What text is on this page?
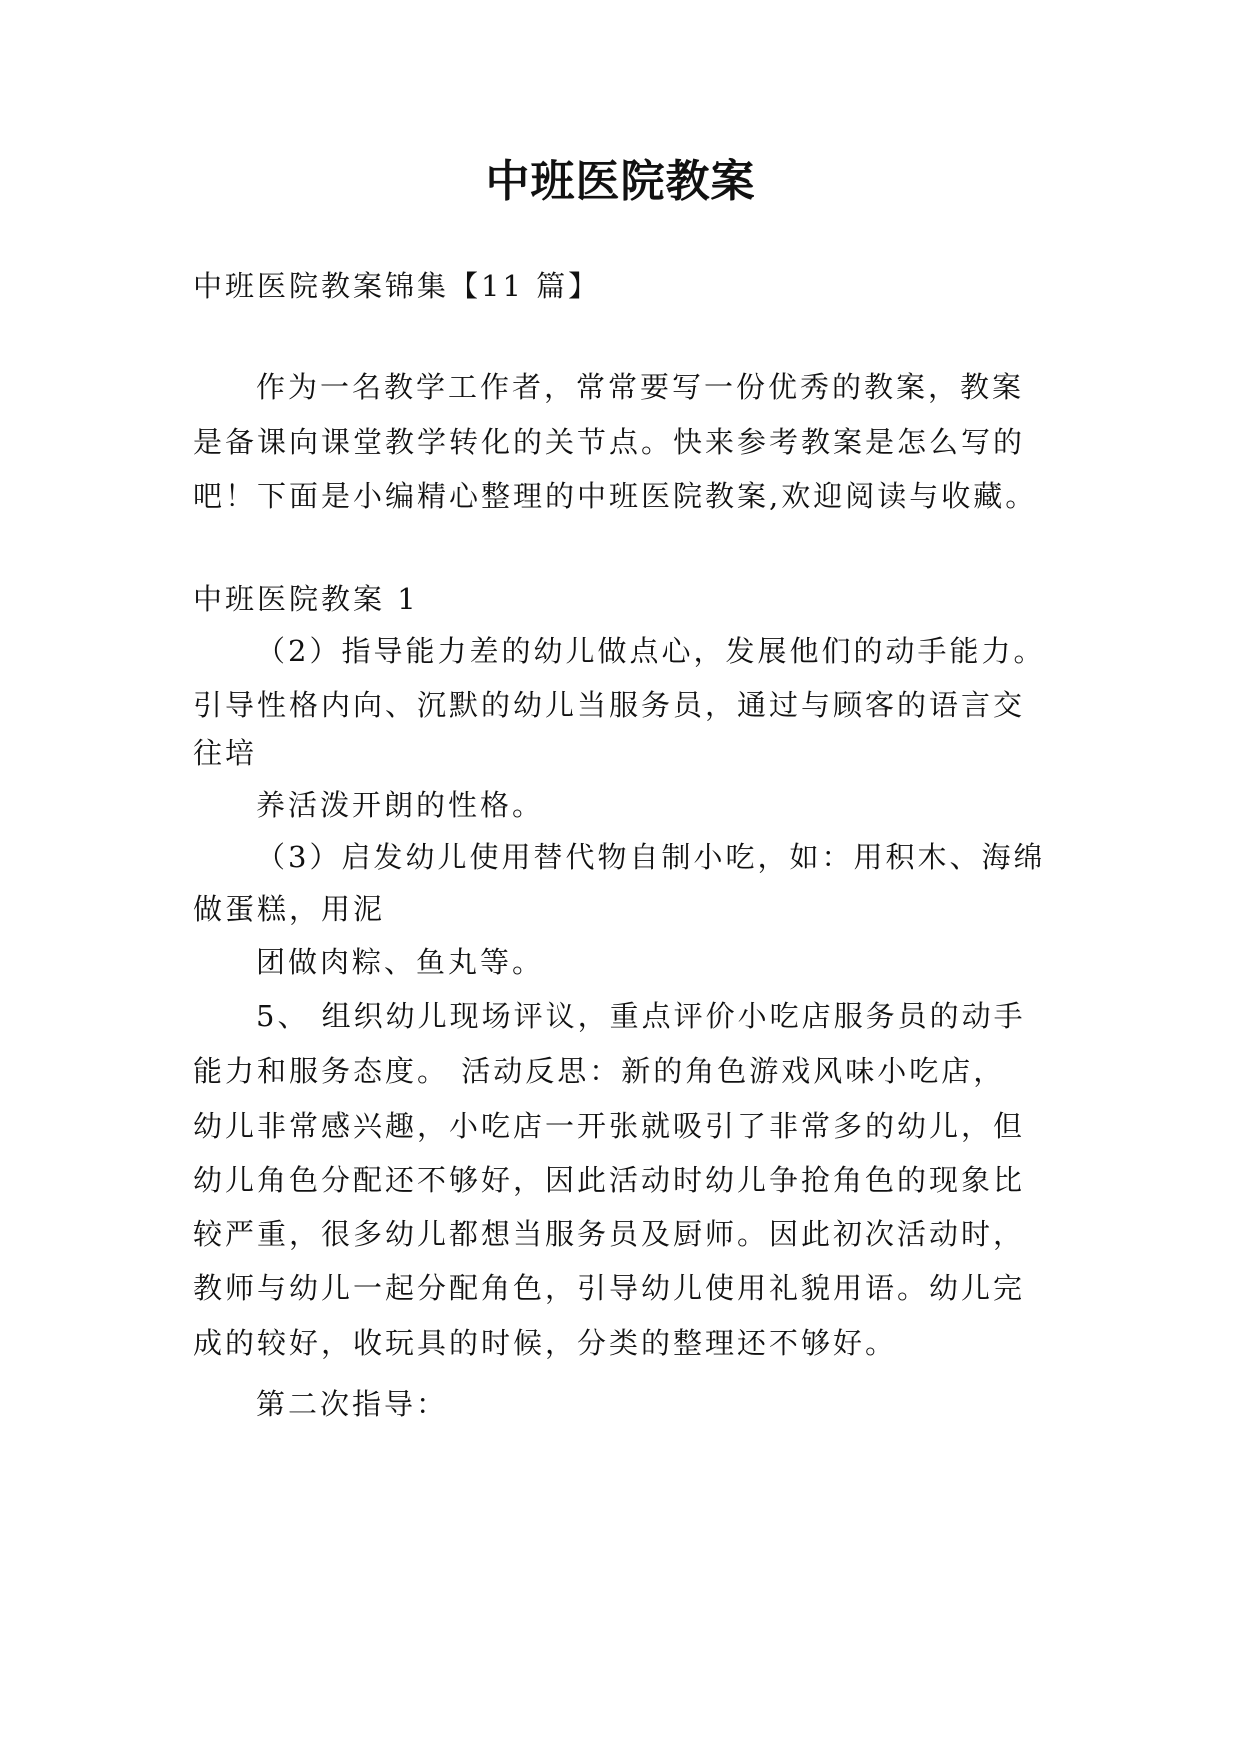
中班医院教案
中班医院教案锦集【11 篇】
作为一名教学工作者，常常要写一份优秀的教案，教案
是备课向课堂教学转化的关节点。快来参考教案是怎么写的
吧！下面是小编精心整理的中班医院教案,欢迎阅读与收藏。
中班医院教案 1
（2）指导能力差的幼儿做点心，发展他们的动手能力。
引导性格内向、沉默的幼儿当服务员，通过与顾客的语言交
往培
养活泼开朗的性格。
（3）启发幼儿使用替代物自制小吃，如：用积木、海绵
做蛋糕，用泥
团做肉粽、鱼丸等。
5、 组织幼儿现场评议，重点评价小吃店服务员的动手
能力和服务态度。 活动反思：新的角色游戏风味小吃店，
幼儿非常感兴趣，小吃店一开张就吸引了非常多的幼儿，但
幼儿角色分配还不够好，因此活动时幼儿争抢角色的现象比
较严重，很多幼儿都想当服务员及厨师。因此初次活动时，
教师与幼儿一起分配角色，引导幼儿使用礼貌用语。幼儿完
成的较好，收玩具的时候，分类的整理还不够好。
第二次指导：
